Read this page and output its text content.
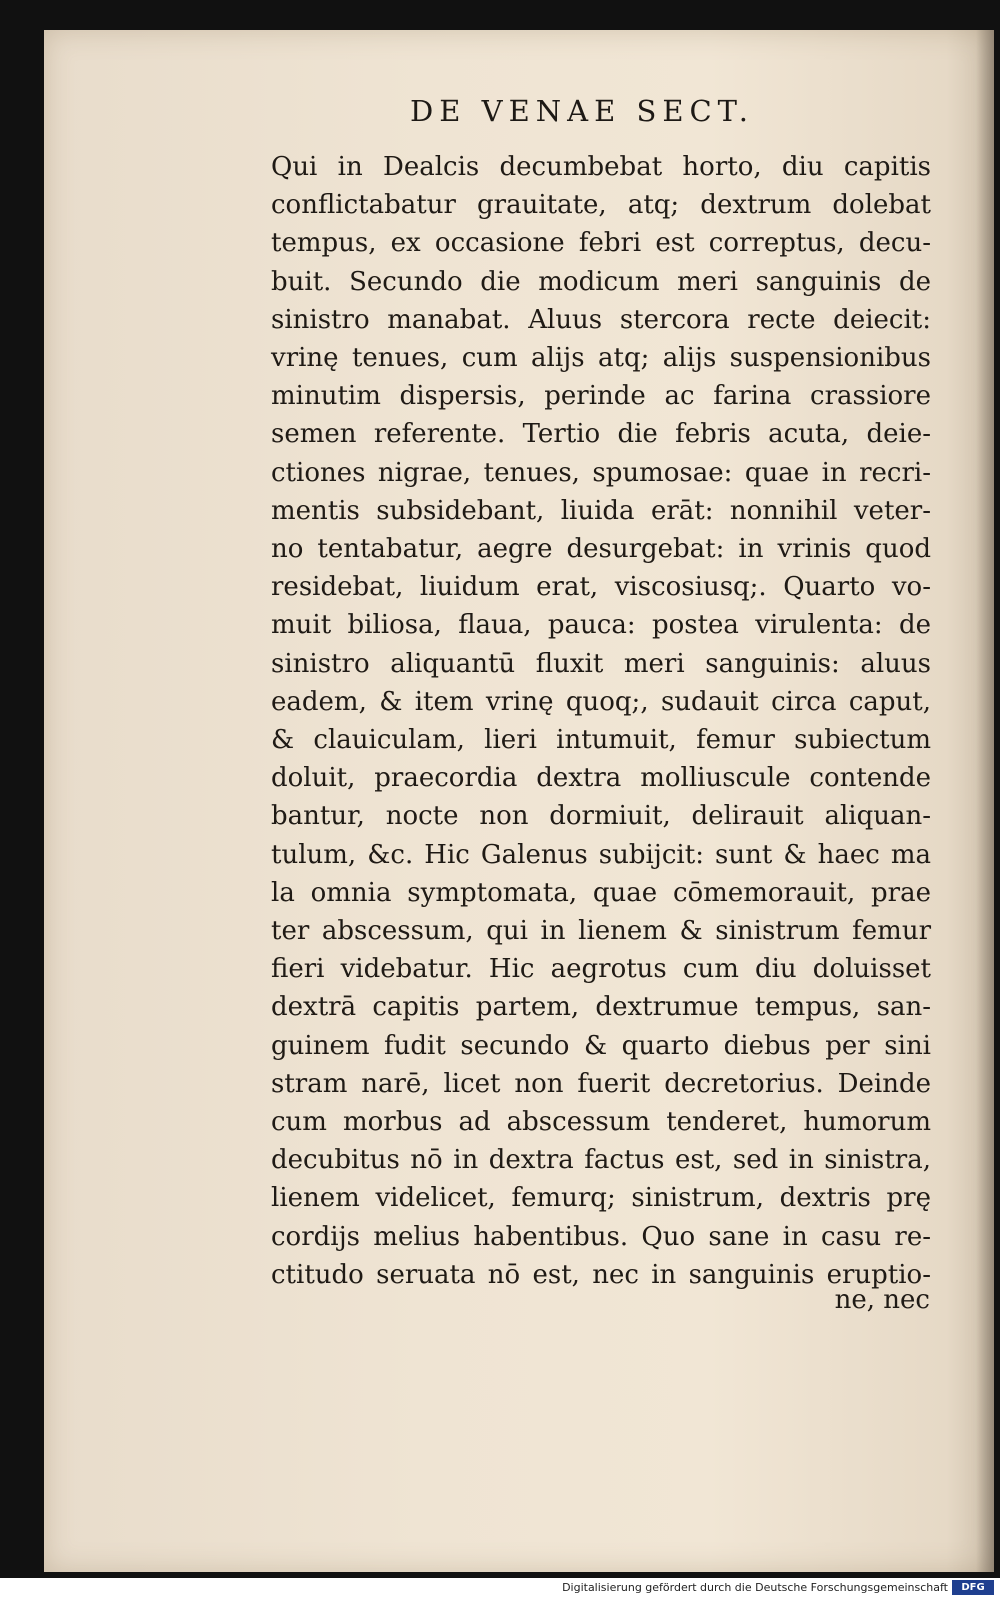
DE VENAE SECT.
Qui in Dealcis decumbebat horto, diu capitis
conflictabatur grauitate, atq; dextrum dolebat
tempus, ex occasione febri est correptus, decu-
buit. Secundo die modicum meri sanguinis de
sinistro manabat. Aluus stercora recte deiecit:
vrinę tenues, cum alijs atq; alijs suspensionibus
minutim dispersis, perinde ac farina crassiore
semen referente. Tertio die febris acuta, deie-
ctiones nigrae, tenues, spumosae: quae in recri-
mentis subsidebant, liuida erāt: nonnihil veter-
no tentabatur, aegre desurgebat: in vrinis quod
residebat, liuidum erat, viscosiusq;. Quarto vo-
muit biliosa, flaua, pauca: postea virulenta: de
sinistro aliquantū fluxit meri sanguinis: aluus
eadem, & item vrinę quoq;, sudauit circa caput,
& clauiculam, lieri intumuit, femur subiectum
doluit, praecordia dextra molliuscule contende
bantur, nocte non dormiuit, delirauit aliquan-
tulum, &c. Hic Galenus subijcit: sunt & haec ma
la omnia symptomata, quae cōmemorauit, prae
ter abscessum, qui in lienem & sinistrum femur
fieri videbatur. Hic aegrotus cum diu doluisset
dextrā capitis partem, dextrumue tempus, san-
guinem fudit secundo & quarto diebus per sini
stram narē, licet non fuerit decretorius. Deinde
cum morbus ad abscessum tenderet, humorum
decubitus nō in dextra factus est, sed in sinistra,
lienem videlicet, femurq; sinistrum, dextris prę
cordijs melius habentibus. Quo sane in casu re-
ctitudo seruata nō est, nec in sanguinis eruptio-
ne, nec
Digitalisierung gefördert durch die Deutsche Forschungsgemeinschaft	DFG
